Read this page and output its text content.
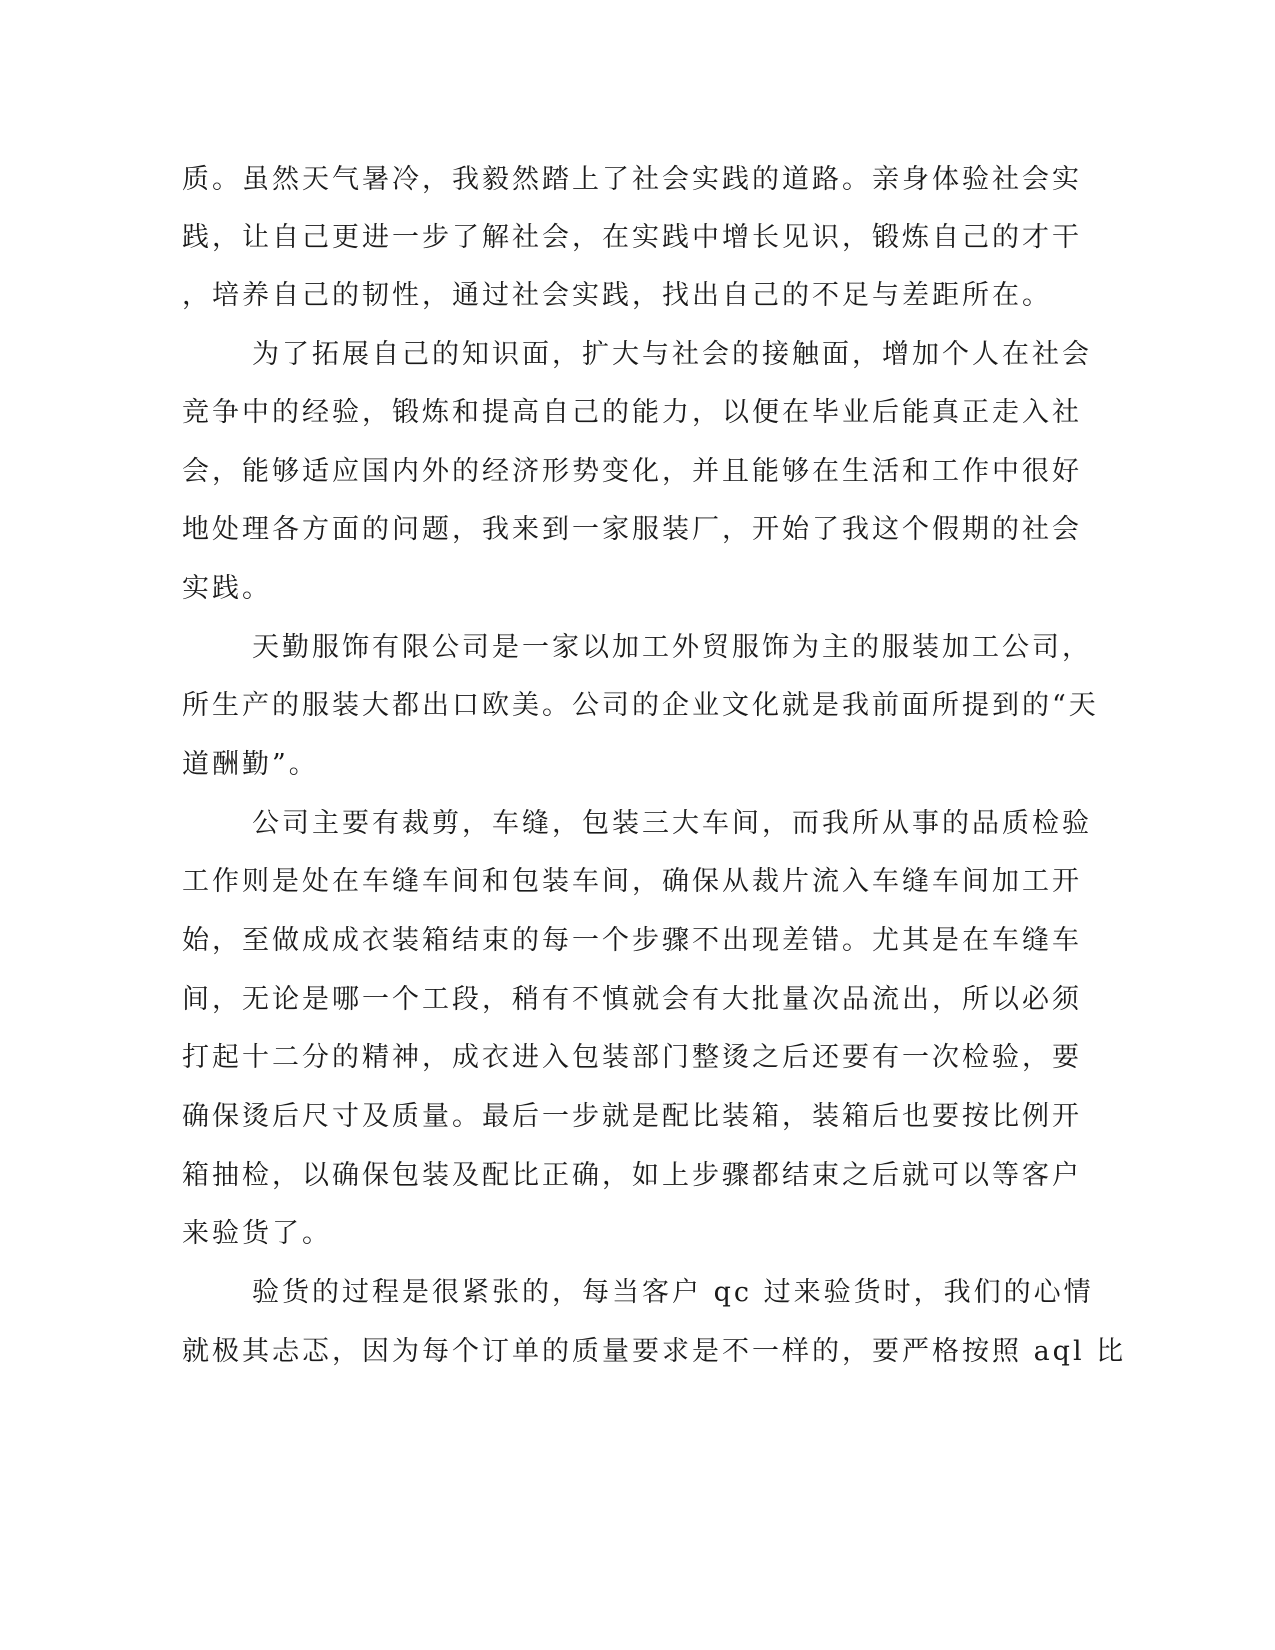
质。虽然天气暑冷，我毅然踏上了社会实践的道路。亲身体验社会实
践，让自己更进一步了解社会，在实践中增长见识，锻炼自己的才干
，培养自己的韧性，通过社会实践，找出自己的不足与差距所在。
为了拓展自己的知识面，扩大与社会的接触面，增加个人在社会
竞争中的经验，锻炼和提高自己的能力，以便在毕业后能真正走入社
会，能够适应国内外的经济形势变化，并且能够在生活和工作中很好
地处理各方面的问题，我来到一家服装厂，开始了我这个假期的社会
实践。
天勤服饰有限公司是一家以加工外贸服饰为主的服装加工公司，
所生产的服装大都出口欧美。公司的企业文化就是我前面所提到的“天
道酬勤”。
公司主要有裁剪，车缝，包装三大车间，而我所从事的品质检验
工作则是处在车缝车间和包装车间，确保从裁片流入车缝车间加工开
始，至做成成衣装箱结束的每一个步骤不出现差错。尤其是在车缝车
间，无论是哪一个工段，稍有不慎就会有大批量次品流出，所以必须
打起十二分的精神，成衣进入包装部门整烫之后还要有一次检验，要
确保烫后尺寸及质量。最后一步就是配比装箱，装箱后也要按比例开
箱抽检，以确保包装及配比正确，如上步骤都结束之后就可以等客户
来验货了。
验货的过程是很紧张的，每当客户 qc 过来验货时，我们的心情
就极其忐忑，因为每个订单的质量要求是不一样的，要严格按照 aql 比
